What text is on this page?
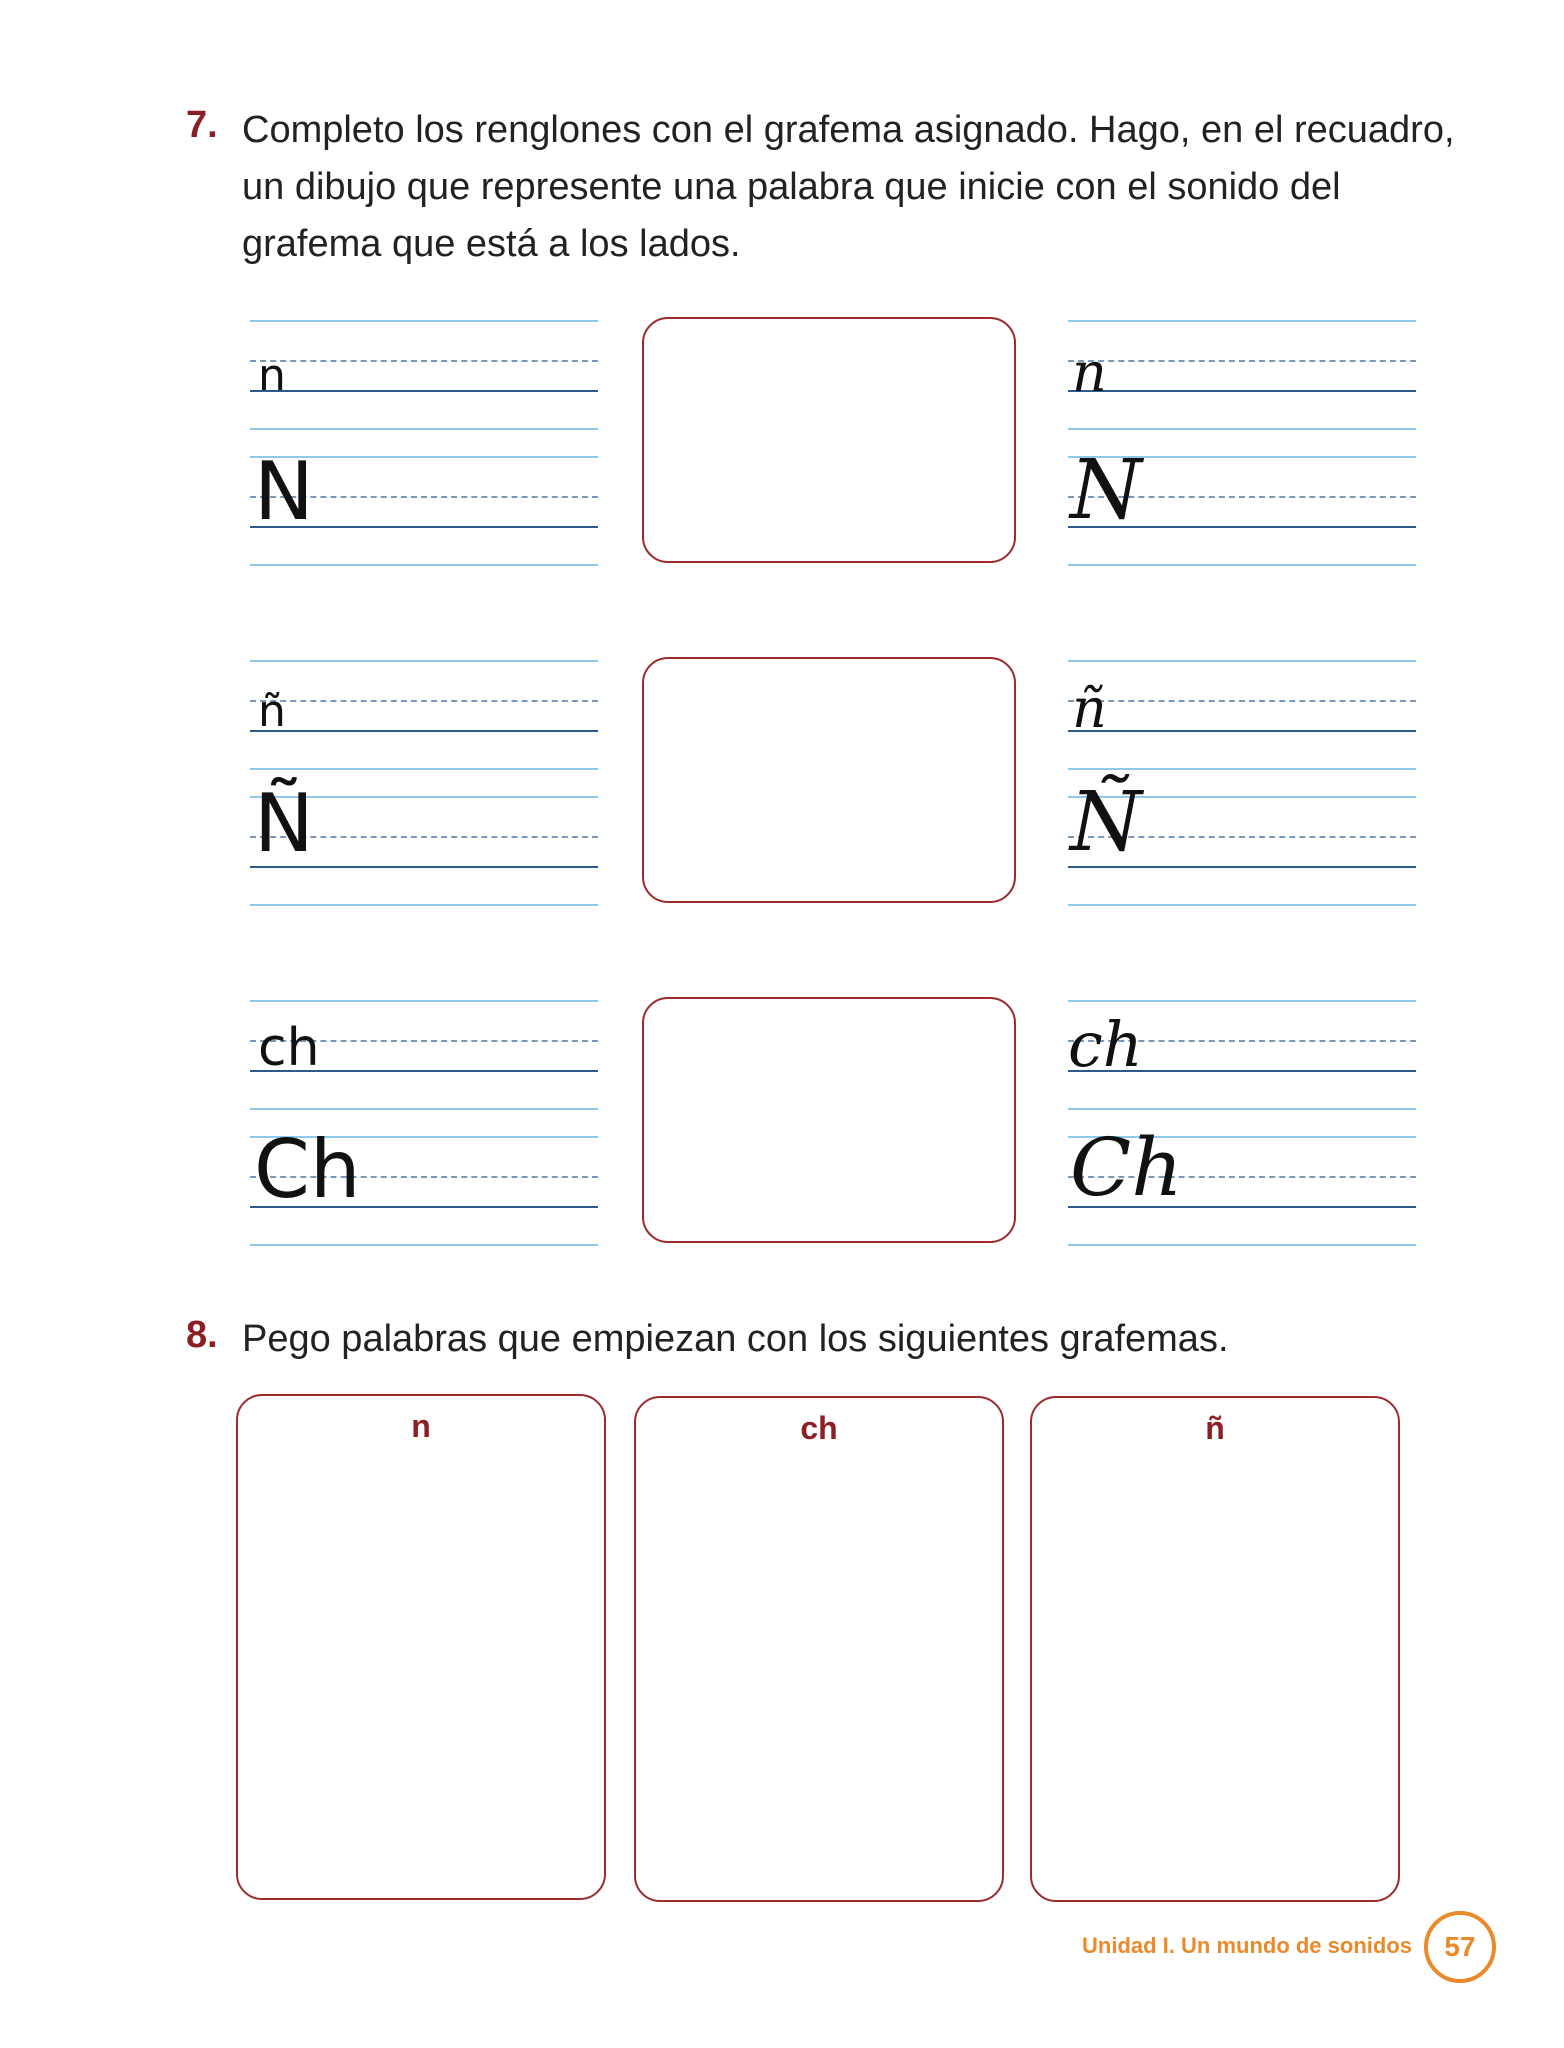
7. Completo los renglones con el grafema asignado. Hago, en el recuadro, un dibujo que represente una palabra que inicie con el sonido del grafema que está a los lados.
n
N
n
N
ñ
Ñ
ñ
Ñ
ch
Ch
ch
Ch
8. Pego palabras que empiezan con los siguientes grafemas.
n	ch	ñ
Unidad I. Un mundo de sonidos 57
